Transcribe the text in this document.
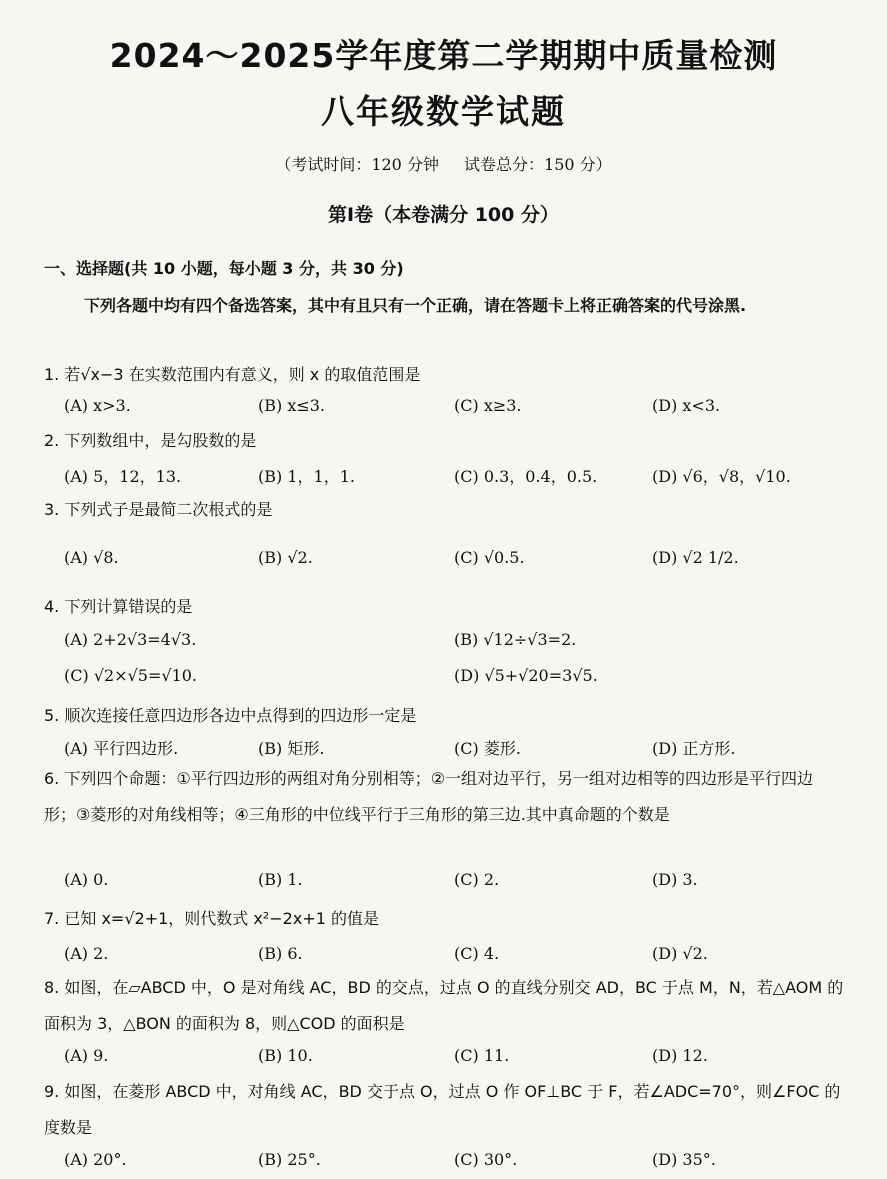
2024～2025学年度第二学期期中质量检测
八年级数学试题
（考试时间：120 分钟 试卷总分：150 分）
第Ⅰ卷（本卷满分 100 分）
一、选择题(共 10 小题，每小题 3 分，共 30 分)
下列各题中均有四个备选答案，其中有且只有一个正确，请在答题卡上将正确答案的代号涂黑.
1. 若√x−3 在实数范围内有意义，则 x 的取值范围是
(A) x>3.	(B) x≤3.	(C) x≥3.	(D) x<3.
2. 下列数组中，是勾股数的是
(A) 5，12，13.	(B) 1，1，1.	(C) 0.3，0.4，0.5.	(D) √6，√8，√10.
3. 下列式子是最简二次根式的是
(A) √8.	(B) √2.	(C) √0.5.	(D) √2 1/2.
4. 下列计算错误的是
(A) 2+2√3=4√3.	(B) √12÷√3=2.
(C) √2×√5=√10.	(D) √5+√20=3√5.
5. 顺次连接任意四边形各边中点得到的四边形一定是
(A) 平行四边形.	(B) 矩形.	(C) 菱形.	(D) 正方形.
6. 下列四个命题：①平行四边形的两组对角分别相等；②一组对边平行，另一组对边相等的四边形是平行四边形；③菱形的对角线相等；④三角形的中位线平行于三角形的第三边.其中真命题的个数是
(A) 0.	(B) 1.	(C) 2.	(D) 3.
7. 已知 x=√2+1，则代数式 x²−2x+1 的值是
(A) 2.	(B) 6.	(C) 4.	(D) √2.
8. 如图，在▱ABCD 中，O 是对角线 AC，BD 的交点，过点 O 的直线分别交 AD，BC 于点 M，N，若△AOM 的面积为 3，△BON 的面积为 8，则△COD 的面积是
(A) 9.	(B) 10.	(C) 11.	(D) 12.
9. 如图，在菱形 ABCD 中，对角线 AC，BD 交于点 O，过点 O 作 OF⊥BC 于 F，若∠ADC=70°，则∠FOC 的度数是
(A) 20°.	(B) 25°.	(C) 30°.	(D) 35°.
